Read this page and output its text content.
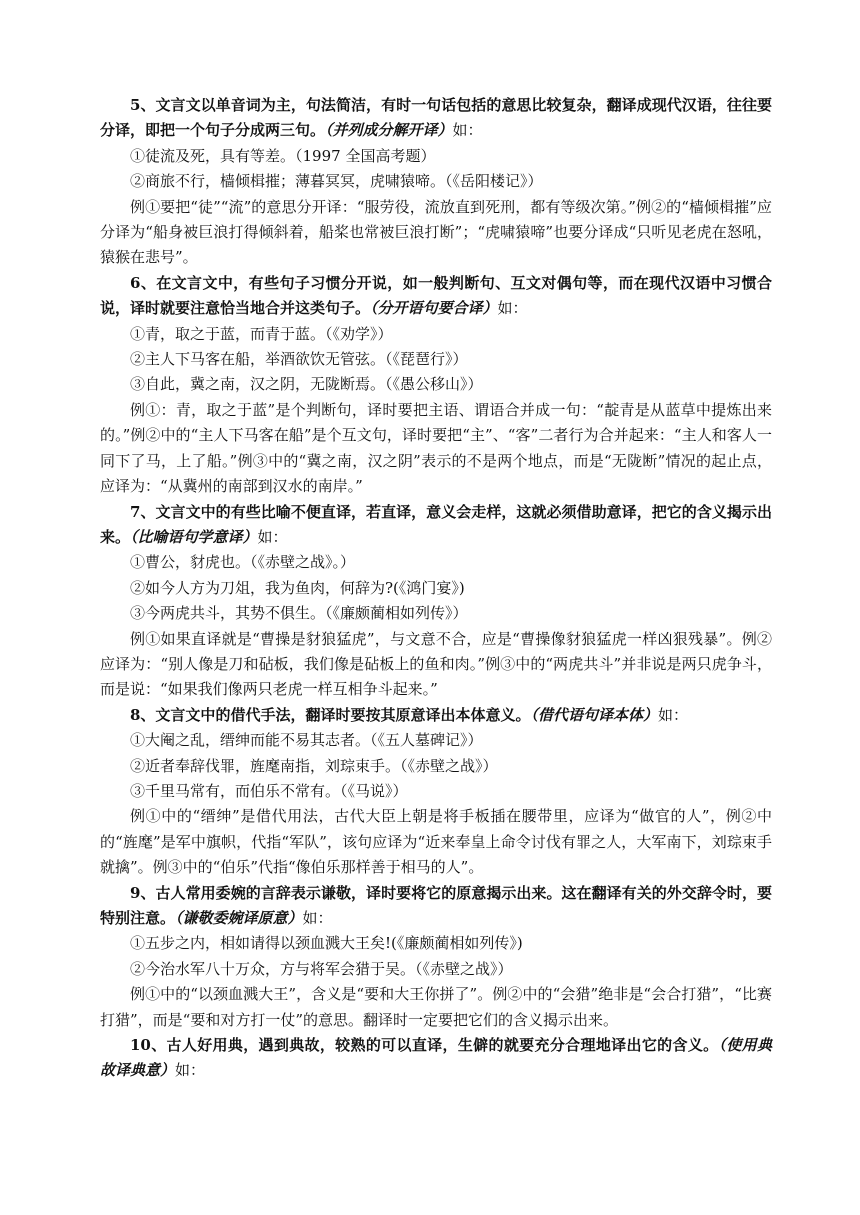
5、文言文以单音词为主，句法简洁，有时一句话包括的意思比较复杂，翻译成现代汉语，往往要分译，即把一个句子分成两三句。（并列成分解开译）如：

①徒流及死，具有等差。（1997 全国高考题）

②商旅不行，樯倾楫摧；薄暮冥冥，虎啸猿啼。（《岳阳楼记》）

例①要把“徒”“流”的意思分开译：“服劳役，流放直到死刑，都有等级次第。”例②的“樯倾楫摧”应分译为“船身被巨浪打得倾斜着，船桨也常被巨浪打断”；“虎啸猿啼”也要分译成“只听见老虎在怒吼，猿猴在悲号”。

6、在文言文中，有些句子习惯分开说，如一般判断句、互文对偶句等，而在现代汉语中习惯合说，译时就要注意恰当地合并这类句子。（分开语句要合译）如：

①青，取之于蓝，而青于蓝。（《劝学》）

②主人下马客在船，举酒欲饮无管弦。（《琵琶行》）

③自此，冀之南，汉之阴，无陇断焉。（《愚公移山》）

例①：青，取之于蓝”是个判断句，译时要把主语、谓语合并成一句：“靛青是从蓝草中提炼出来的。”例②中的“主人下马客在船”是个互文句，译时要把“主”、“客”二者行为合并起来：“主人和客人一同下了马，上了船。”例③中的“冀之南，汉之阴”表示的不是两个地点，而是“无陇断”情况的起止点，应译为：“从冀州的南部到汉水的南岸。”

7、文言文中的有些比喻不便直译，若直译，意义会走样，这就必须借助意译，把它的含义揭示出来。（比喻语句学意译）如：

①曹公，豺虎也。（《赤壁之战》。）

②如今人方为刀俎，我为鱼肉，何辞为?(《鸿门宴》)

③今两虎共斗，其势不俱生。（《廉颇蔺相如列传》）

例①如果直译就是“曹操是豺狼猛虎”，与文意不合，应是“曹操像豺狼猛虎一样凶狠残暴”。例②应译为：“别人像是刀和砧板，我们像是砧板上的鱼和肉。”例③中的“两虎共斗”并非说是两只虎争斗，而是说：“如果我们像两只老虎一样互相争斗起来。”

8、文言文中的借代手法，翻译时要按其原意译出本体意义。（借代语句译本体）如：

①大阉之乱，缙绅而能不易其志者。（《五人墓碑记》）

②近者奉辞伐罪，旌麾南指，刘琮束手。（《赤壁之战》）

③千里马常有，而伯乐不常有。（《马说》）

例①中的“缙绅”是借代用法，古代大臣上朝是将手板插在腰带里，应译为“做官的人”，例②中的“旌麾”是军中旗帜，代指“军队”，该句应译为“近来奉皇上命令讨伐有罪之人，大军南下，刘琮束手就擒”。例③中的“伯乐”代指“像伯乐那样善于相马的人”。

9、古人常用委婉的言辞表示谦敬，译时要将它的原意揭示出来。这在翻译有关的外交辞令时，要特别注意。（谦敬委婉译原意）如：

①五步之内，相如请得以颈血溅大王矣!(《廉颇蔺相如列传》)

②今治水军八十万众，方与将军会猎于吴。（《赤壁之战》）

例①中的“以颈血溅大王”，含义是“要和大王你拼了”。例②中的“会猎”绝非是“会合打猎”，“比赛打猎”，而是“要和对方打一仗”的意思。翻译时一定要把它们的含义揭示出来。

10、古人好用典，遇到典故，较熟的可以直译，生僻的就要充分合理地译出它的含义。（使用典故译典意）如：
